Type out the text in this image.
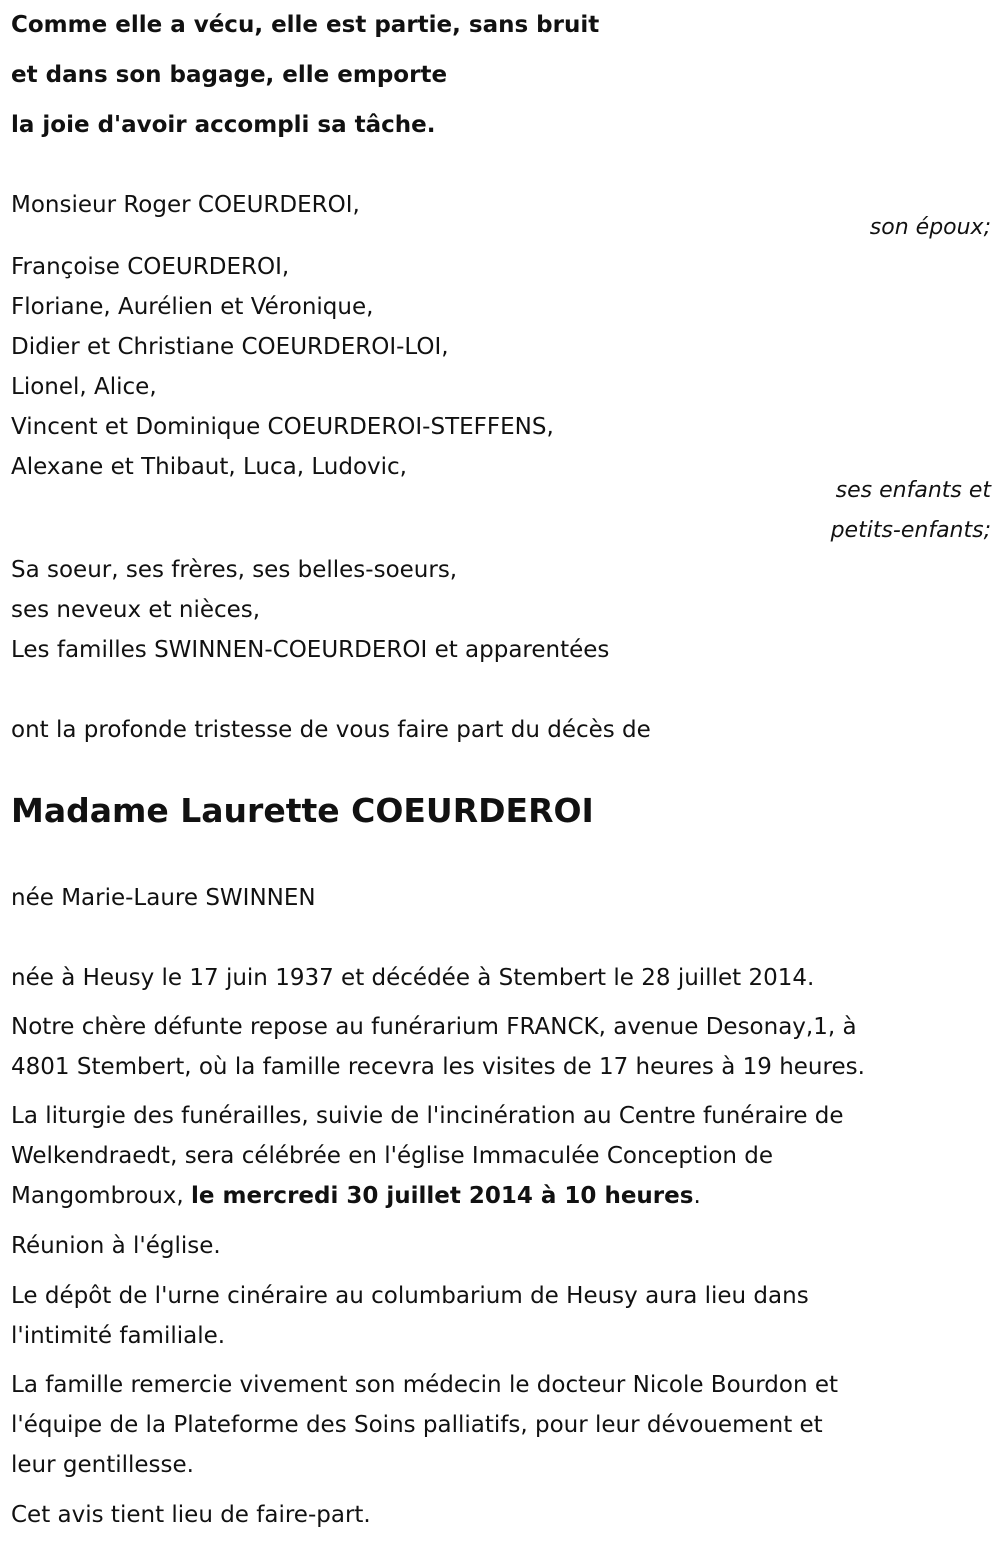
Comme elle a vécu, elle est partie, sans bruit
et dans son bagage, elle emporte
la joie d'avoir accompli sa tâche.
Monsieur Roger COEURDEROI,
son époux;
Françoise COEURDEROI,
Floriane, Aurélien et Véronique,
Didier et Christiane COEURDEROI-LOI,
Lionel, Alice,
Vincent et Dominique COEURDEROI-STEFFENS,
Alexane et Thibaut, Luca, Ludovic,
ses enfants et
petits-enfants;
Sa soeur, ses frères, ses belles-soeurs,
ses neveux et nièces,
Les familles SWINNEN-COEURDEROI et apparentées
ont la profonde tristesse de vous faire part du décès de
Madame Laurette COEURDEROI
née Marie-Laure SWINNEN
née à Heusy le 17 juin 1937 et décédée à Stembert le 28 juillet 2014.
Notre chère défunte repose au funérarium FRANCK, avenue Desonay,1, à
4801 Stembert, où la famille recevra les visites de 17 heures à 19 heures.
La liturgie des funérailles, suivie de l'incinération au Centre funéraire de
Welkendraedt, sera célébrée en l'église Immaculée Conception de
Mangombroux, le mercredi 30 juillet 2014 à 10 heures.
Réunion à l'église.
Le dépôt de l'urne cinéraire au columbarium de Heusy aura lieu dans
l'intimité familiale.
La famille remercie vivement son médecin le docteur Nicole Bourdon et
l'équipe de la Plateforme des Soins palliatifs, pour leur dévouement et
leur gentillesse.
Cet avis tient lieu de faire-part.
